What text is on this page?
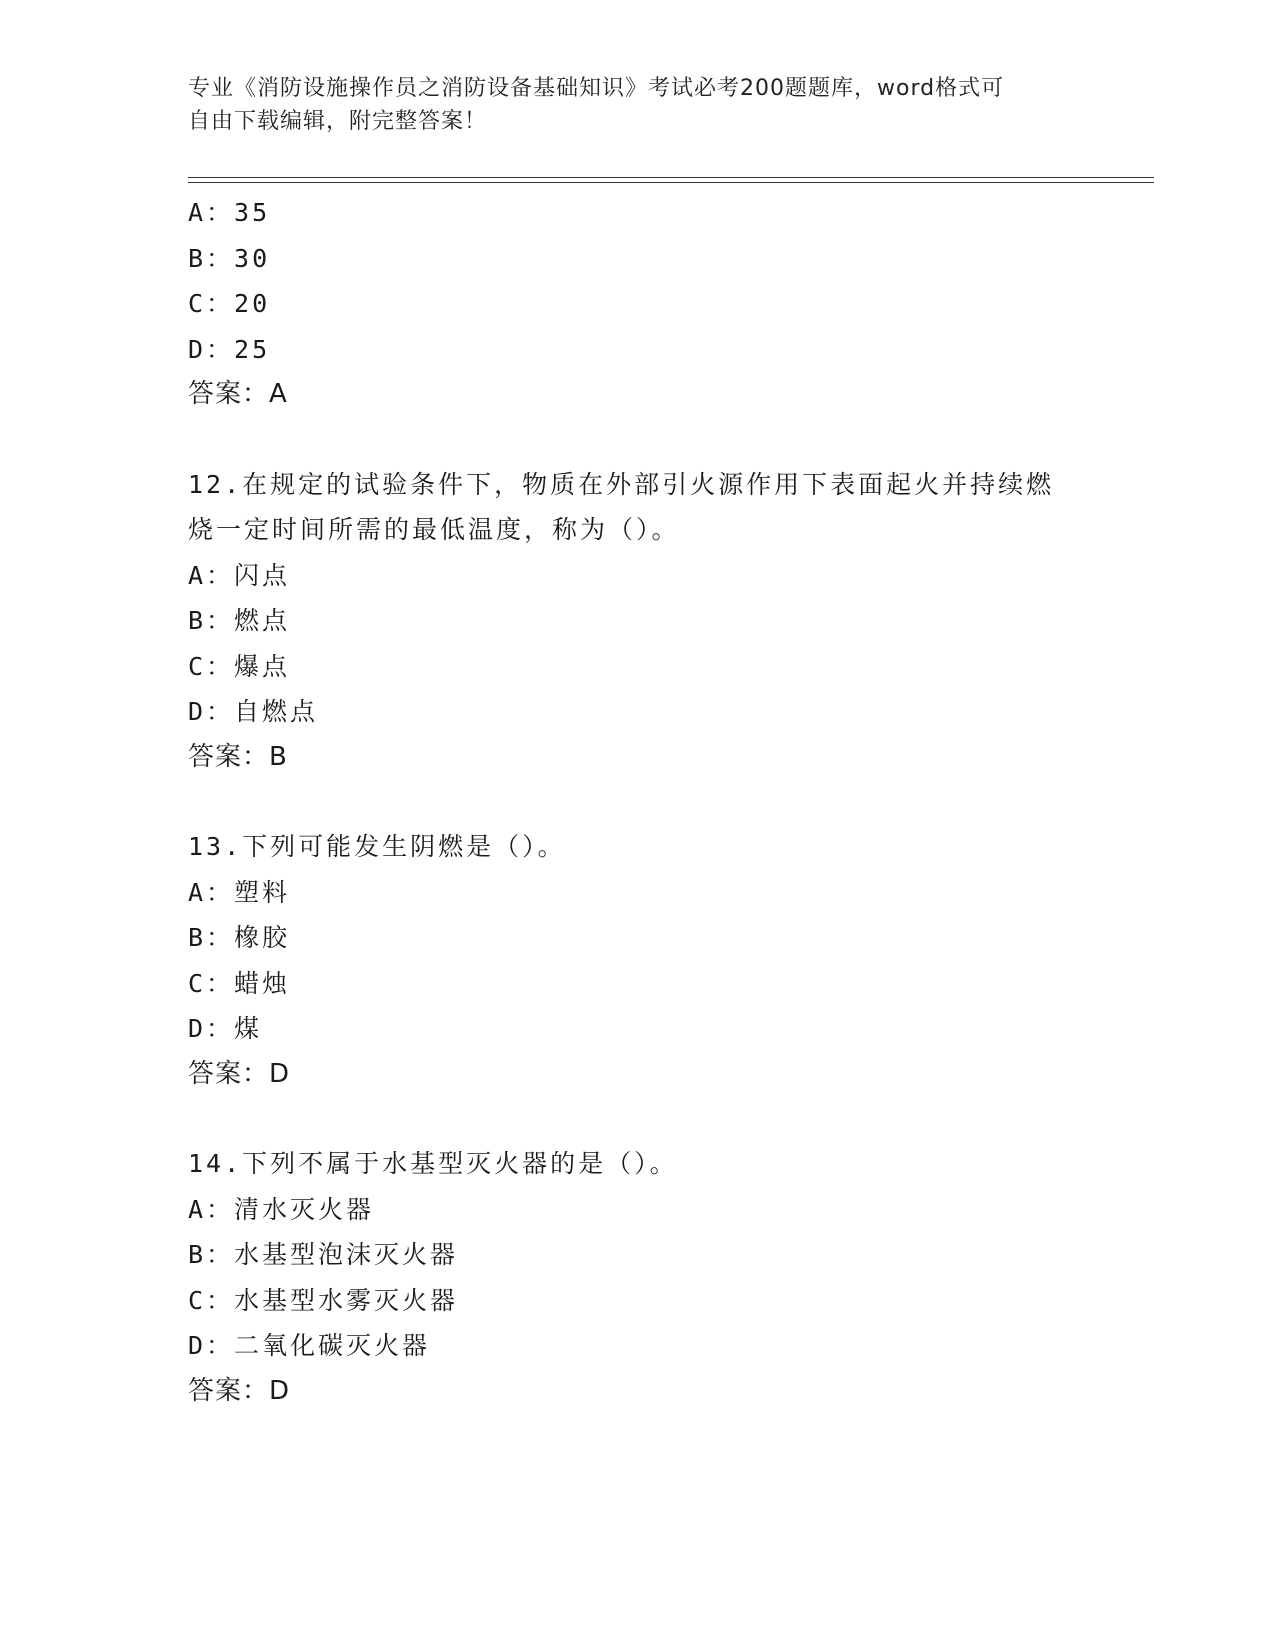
专业《消防设施操作员之消防设备基础知识》考试必考200题题库，word格式可
自由下载编辑，附完整答案！
A：35
B：30
C：20
D：25
答案：A
12.在规定的试验条件下，物质在外部引火源作用下表面起火并持续燃
烧一定时间所需的最低温度，称为（）。
A：闪点
B：燃点
C：爆点
D：自燃点
答案：B
13.下列可能发生阴燃是（）。
A：塑料
B：橡胶
C：蜡烛
D：煤
答案：D
14.下列不属于水基型灭火器的是（）。
A：清水灭火器
B：水基型泡沫灭火器
C：水基型水雾灭火器
D：二氧化碳灭火器
答案：D
